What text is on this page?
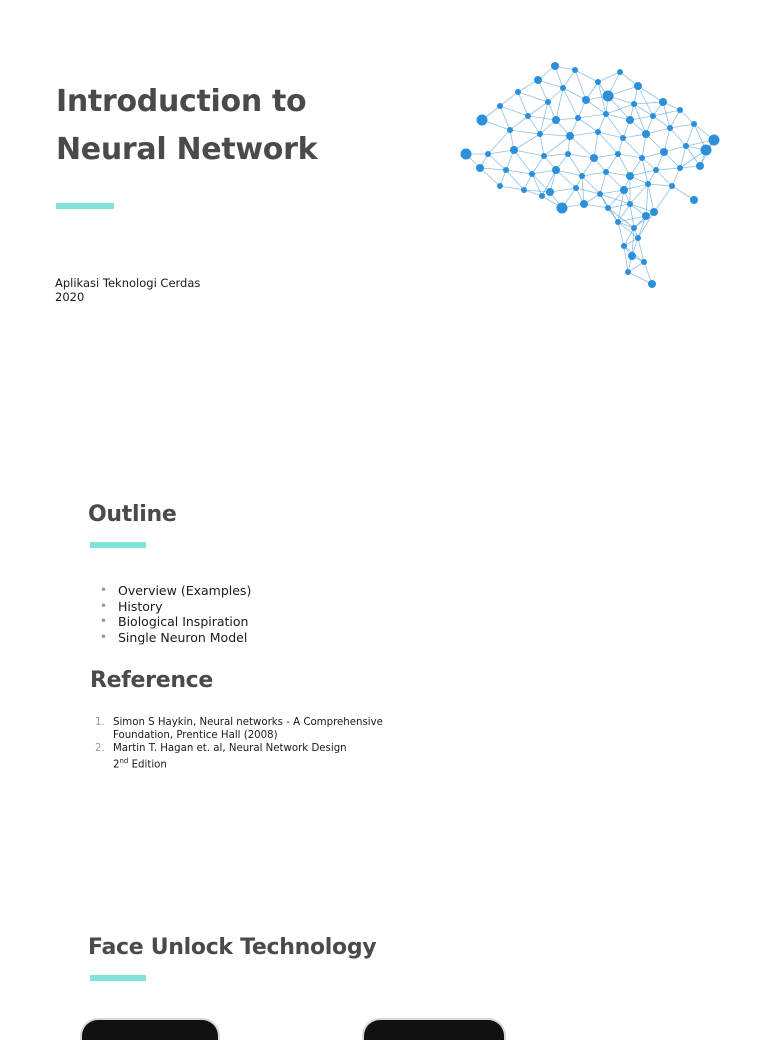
Introduction to
Neural Network
Aplikasi Teknologi Cerdas
2020
Outline
• Overview (Examples)
• History
• Biological Inspiration
• Single Neuron Model
Reference
1. Simon S Haykin, Neural networks - A Comprehensive
Foundation, Prentice Hall (2008)
2. Martin T. Hagan et. al, Neural Network Design
2nd Edition
Face Unlock Technology
